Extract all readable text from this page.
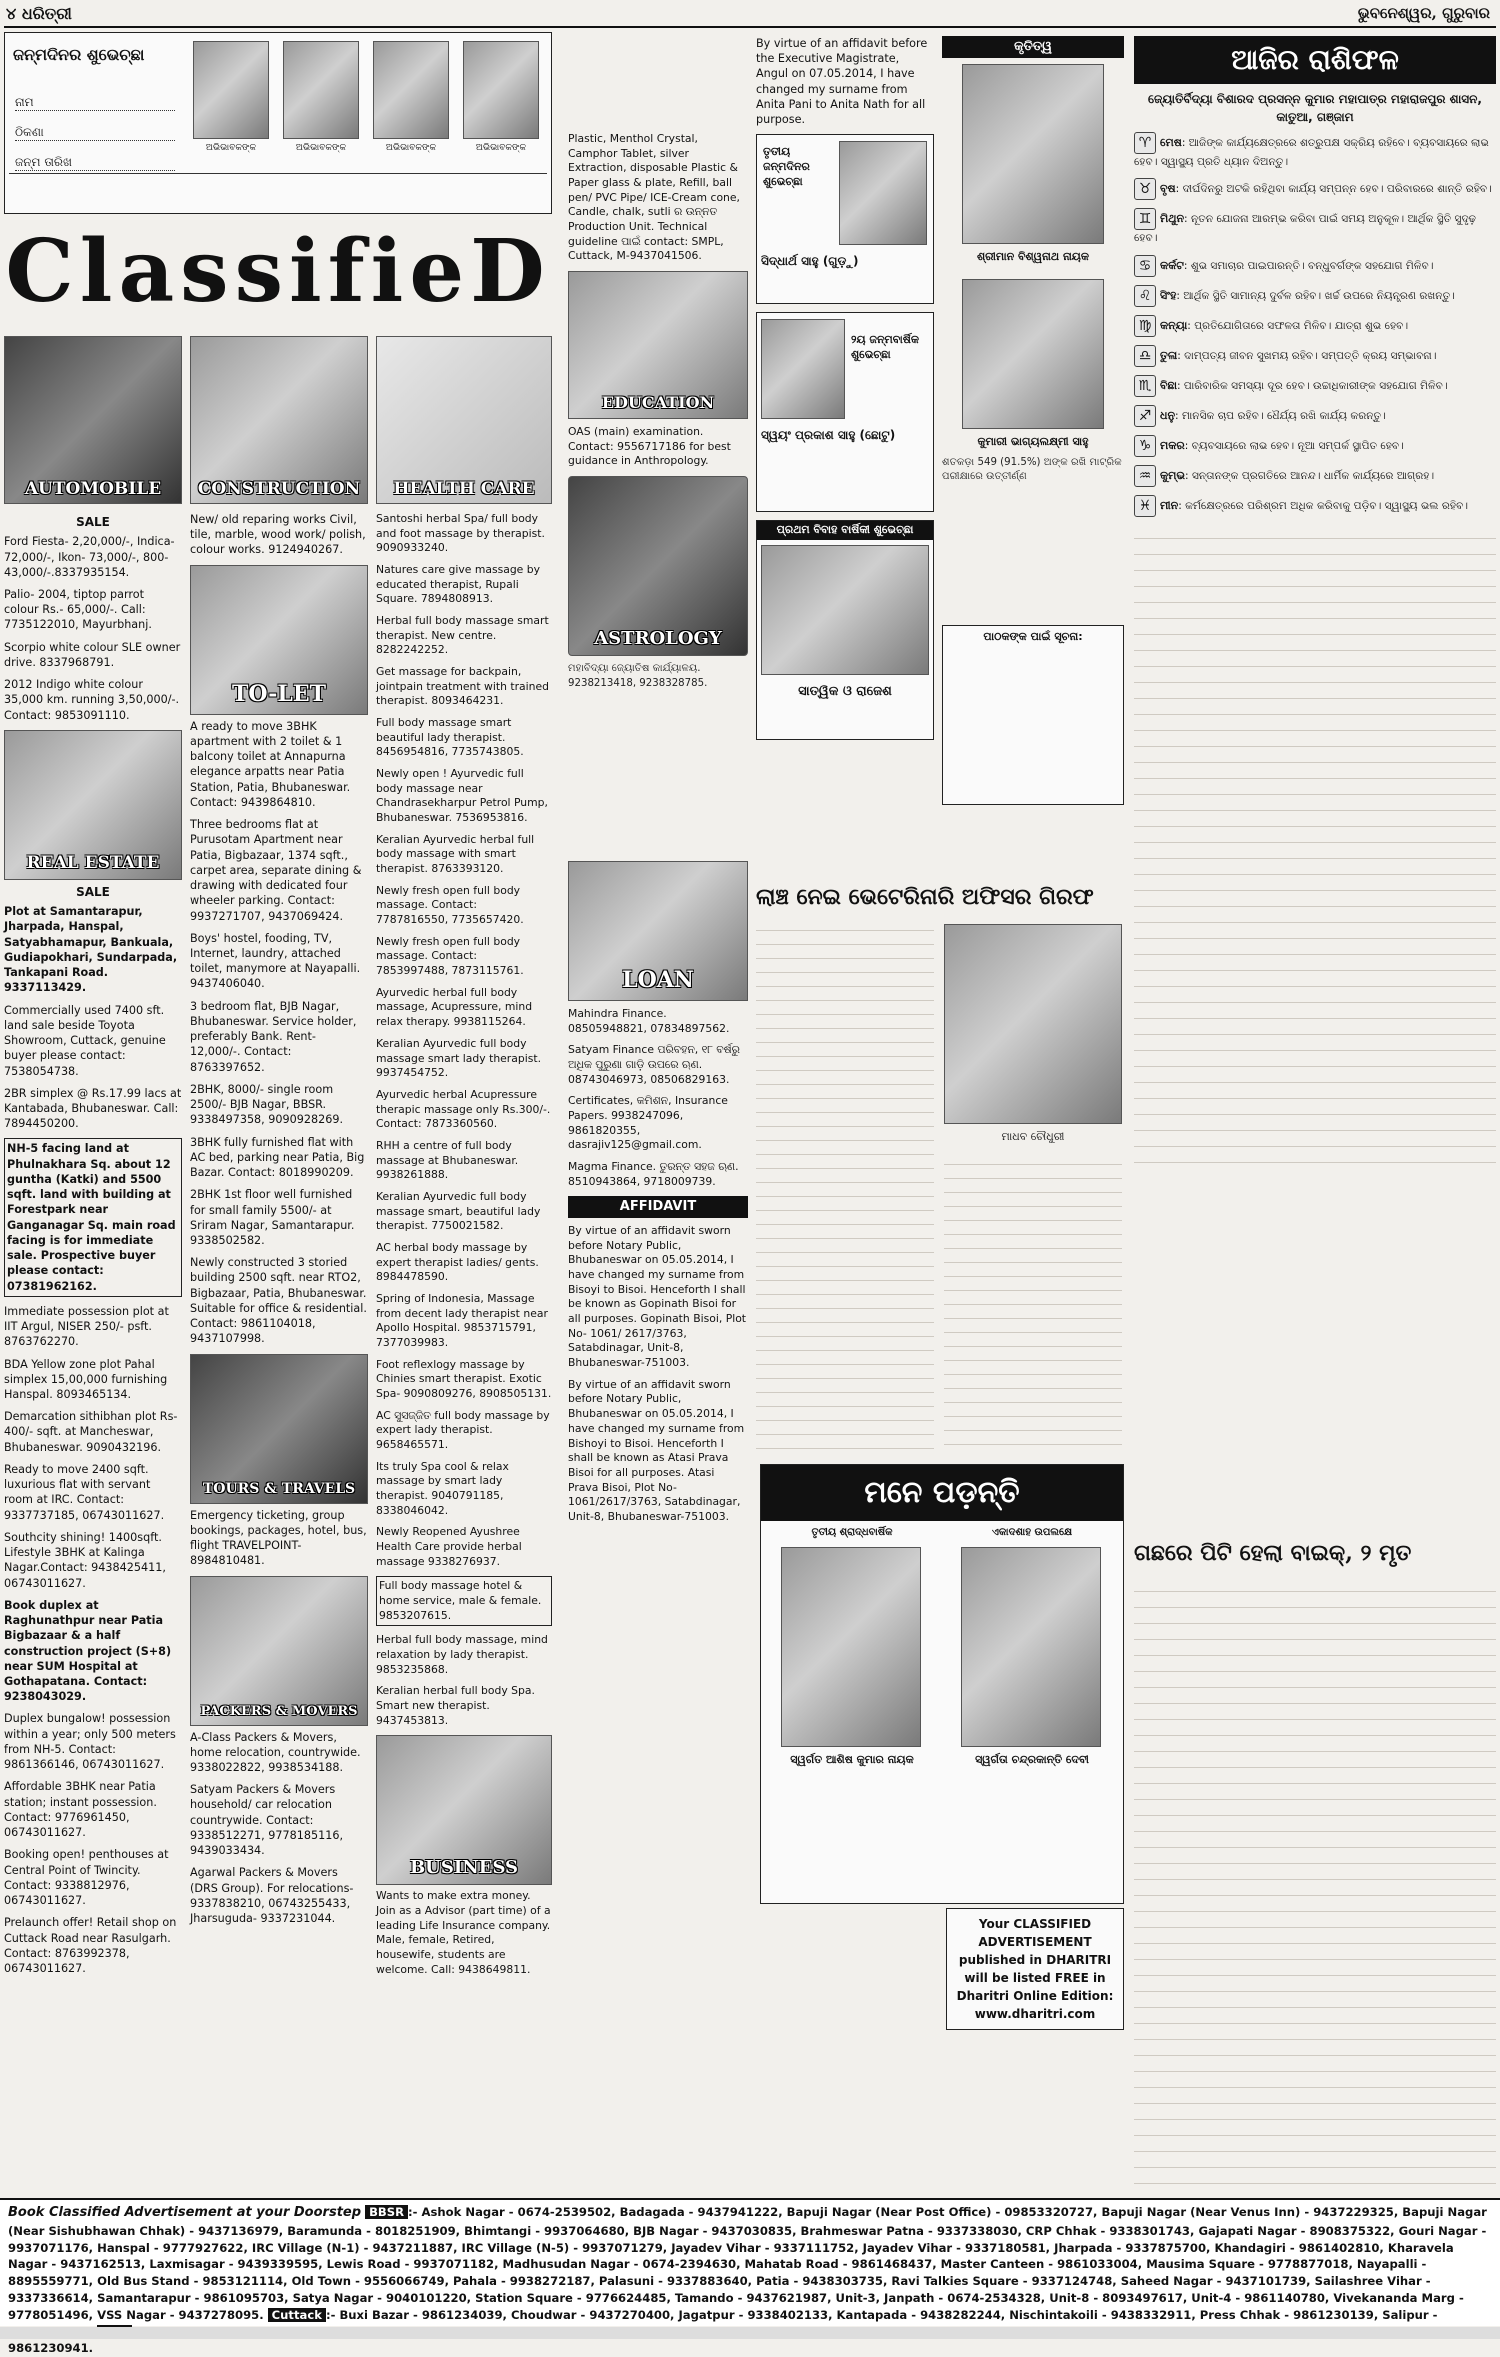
୪ ଧରିତ୍ରୀ	ଭୁବନେଶ୍ୱର, ଗୁରୁବାର
ଜନ୍ମଦିନର ଶୁଭେଚ୍ଛା
ନାମ
ଠିକଣା
ଜନ୍ମ ତାରିଖ
ଅଭିଭାବକଙ୍କ	ଅଭିଭାବକଙ୍କ	ଅଭିଭାବକଙ୍କ	ଅଭିଭାବକଙ୍କ
ClassifieD
AUTOMOBILE	CONSTRUCTION	HEALTH CARE
SALE
Ford Fiesta- 2,20,000/-, Indica-72,000/-, Ikon- 73,000/-, 800-43,000/-.8337935154.
Palio- 2004, tiptop parrot colour Rs.- 65,000/-. Call: 7735122010, Mayurbhanj.
Scorpio white colour SLE owner drive. 8337968791.
2012 Indigo white colour 35,000 km. running 3,50,000/-. Contact: 9853091110.
REAL ESTATE
SALE
Plot at Samantarapur, Jharpada, Hanspal, Satyabhamapur, Bankuala, Gudiapokhari, Sundarpada, Tankapani Road. 9337113429.
Commercially used 7400 sft. land sale beside Toyota Showroom, Cuttack, genuine buyer please contact: 7538054738.
2BR simplex @ Rs.17.99 lacs at Kantabada, Bhubaneswar. Call: 7894450200.
NH-5 facing land at Phulnakhara Sq. about 12 guntha (Katki) and 5500 sqft. land with building at Forestpark near Ganganagar Sq. main road facing is for immediate sale. Prospective buyer please contact: 07381962162.
Immediate possession plot at IIT Argul, NISER 250/- psft. 8763762270.
BDA Yellow zone plot Pahal simplex 15,00,000 furnishing Hanspal. 8093465134.
Demarcation sithibhan plot Rs-400/- sqft. at Mancheswar, Bhubaneswar. 9090432196.
Ready to move 2400 sqft. luxurious flat with servant room at IRC. Contact: 9337737185, 06743011627.
Southcity shining! 1400sqft. Lifestyle 3BHK at Kalinga Nagar.Contact: 9438425411, 06743011627.
Book duplex at Raghunathpur near Patia Bigbazaar & a half construction project (S+8) near SUM Hospital at Gothapatana. Contact: 9238043029.
Duplex bungalow! possession within a year; only 500 meters from NH-5. Contact: 9861366146, 06743011627.
Affordable 3BHK near Patia station; instant possession. Contact: 9776961450, 06743011627.
Booking open! penthouses at Central Point of Twincity. Contact: 9338812976, 06743011627.
Prelaunch offer! Retail shop on Cuttack Road near Rasulgarh. Contact: 8763992378, 06743011627.
New/ old reparing works Civil, tile, marble, wood work/ polish, colour works. 9124940267.
TO-LET
A ready to move 3BHK apartment with 2 toilet & 1 balcony toilet at Annapurna elegance arpatts near Patia Station, Patia, Bhubaneswar. Contact: 9439864810.
Three bedrooms flat at Purusotam Apartment near Patia, Bigbazaar, 1374 sqft., carpet area, separate dining & drawing with dedicated four wheeler parking. Contact: 9937271707, 9437069424.
Boys' hostel, fooding, TV, Internet, laundry, attached toilet, manymore at Nayapalli. 9437406040.
3 bedroom flat, BJB Nagar, Bhubaneswar. Service holder, preferably Bank. Rent- 12,000/-. Contact: 8763397652.
2BHK, 8000/- single room 2500/- BJB Nagar, BBSR. 9338497358, 9090928269.
3BHK fully furnished flat with AC bed, parking near Patia, Big Bazar. Contact: 8018990209.
2BHK 1st floor well furnished for small family 5500/- at Sriram Nagar, Samantarapur. 9338502582.
Newly constructed 3 storied building 2500 sqft. near RTO2, Bigbazaar, Patia, Bhubaneswar. Suitable for office & residential. Contact: 9861104018, 9437107998.
TOURS & TRAVELS
Emergency ticketing, group bookings, packages, hotel, bus, flight TRAVELPOINT-8984810481.
PACKERS & MOVERS
A-Class Packers & Movers, home relocation, countrywide. 9338022822, 9938534188.
Satyam Packers & Movers household/ car relocation countrywide. Contact: 9338512271, 9778185116, 9439033434.
Agarwal Packers & Movers (DRS Group). For relocations-9337838210, 06743255433, Jharsuguda- 9337231044.
Santoshi herbal Spa/ full body and foot massage by therapist. 9090933240.
Natures care give massage by educated therapist, Rupali Square. 7894808913.
Herbal full body massage smart therapist. New centre. 8282242252.
Get massage for backpain, jointpain treatment with trained therapist. 8093464231.
Full body massage smart beautiful lady therapist. 8456954816, 7735743805.
Newly open ! Ayurvedic full body massage near Chandrasekharpur Petrol Pump, Bhubaneswar. 7536953816.
Keralian Ayurvedic herbal full body massage with smart therapist. 8763393120.
Newly fresh open full body massage. Contact: 7787816550, 7735657420.
Newly fresh open full body massage. Contact: 7853997488, 7873115761.
Ayurvedic herbal full body massage, Acupressure, mind relax therapy. 9938115264.
Keralian Ayurvedic full body massage smart lady therapist. 9937454752.
Ayurvedic herbal Acupressure therapic massage only Rs.300/-. Contact: 7873360560.
RHH a centre of full body massage at Bhubaneswar. 9938261888.
Keralian Ayurvedic full body massage smart, beautiful lady therapist. 7750021582.
AC herbal body massage by expert therapist ladies/ gents. 8984478590.
Spring of Indonesia, Massage from decent lady therapist near Apollo Hospital. 9853715791, 7377039983.
Foot reflexlogy massage by Chinies smart therapist. Exotic Spa- 9090809276, 8908505131.
AC ସୁସଜ୍ଜିତ full body massage by expert lady therapist. 9658465571.
Its truly Spa cool & relax massage by smart lady therapist. 9040791185, 8338046042.
Newly Reopened Ayushree Health Care provide herbal massage 9338276937.
Full body massage hotel & home service, male & female. 9853207615.
Herbal full body massage, mind relaxation by lady therapist. 9853235868.
Keralian herbal full body Spa. Smart new therapist. 9437453813.
BUSINESS
Wants to make extra money. Join as a Advisor (part time) of a leading Life Insurance company. Male, female, Retired, housewife, students are welcome. Call: 9438649811.
Plastic, Menthol Crystal, Camphor Tablet, silver Extraction, disposable Plastic & Paper glass & plate, Refill, ball pen/ PVC Pipe/ ICE-Cream cone, Candle, chalk, sutli ର ଉନ୍ନତ Production Unit. Technical guideline ପାଇଁ contact: SMPL, Cuttack, M-9437041506.
EDUCATION
OAS (main) examination. Contact: 9556717186 for best guidance in Anthropology.
ASTROLOGY
ମହାବିଦ୍ୟା ଜ୍ୟୋତିଷ କାର୍ଯ୍ୟାଳୟ. 9238213418, 9238328785.
LOAN
Mahindra Finance. 08505948821, 07834897562.
Satyam Finance ପରିବହନ, ୧୮ ବର୍ଷରୁ ଅଧିକ ପୁରୁଣା ଗାଡ଼ି ଉପରେ ଋଣ. 08743046973, 08506829163.
Certificates, କମିଶନ, Insurance Papers. 9938247096, 9861820355, dasrajiv125@gmail.com.
Magma Finance. ତୁରନ୍ତ ସହଜ ଋଣ. 8510943864, 9718009739.
AFFIDAVIT
By virtue of an affidavit sworn before Notary Public, Bhubaneswar on 05.05.2014, I have changed my surname from Bisoyi to Bisoi. Henceforth I shall be known as Gopinath Bisoi for all purposes. Gopinath Bisoi, Plot No- 1061/ 2617/3763, Satabdinagar, Unit-8, Bhubaneswar-751003.
By virtue of an affidavit sworn before Notary Public, Bhubaneswar on 05.05.2014, I have changed my surname from Bishoyi to Bisoi. Henceforth I shall be known as Atasi Prava Bisoi for all purposes. Atasi Prava Bisoi, Plot No- 1061/2617/3763, Satabdinagar, Unit-8, Bhubaneswar-751003.
By virtue of an affidavit before the Executive Magistrate, Angul on 07.05.2014, I have changed my surname from Anita Pani to Anita Nath for all purpose.
ତୃତୀୟ ଜନ୍ମଦିନର ଶୁଭେଚ୍ଛା
ସିଦ୍ଧାର୍ଥ ସାହୁ (ଗୁଡ଼ୁ)
୨ୟ ଜନ୍ମବାର୍ଷିକ ଶୁଭେଚ୍ଛା
ସ୍ୱୟଂ ପ୍ରକାଶ ସାହୁ (ଛୋଟୁ)
ପ୍ରଥମ ବିବାହ ବାର୍ଷିକୀ ଶୁଭେଚ୍ଛା
ସାତ୍ୱିକ ଓ ରାଜେଶ
କୃତିତ୍ୱ
ଶ୍ରୀମାନ ବିଶ୍ୱନାଥ ନାୟକ
କୁମାରୀ ଭାଗ୍ୟଲକ୍ଷ୍ମୀ ସାହୁ
ଶତକଡ଼ା 549 (91.5%) ଅଙ୍କ ରଖି ମାଟ୍ରିକ ପରୀକ୍ଷାରେ ଉତ୍ତୀର୍ଣ୍ଣ
ପାଠକଙ୍କ ପାଇଁ ସୂଚନା:
ଲାଞ୍ଚ ନେଇ ଭେଟେରିନାରି ଅଫିସର ଗିରଫ
ମାଧବ ଚୌଧୁରୀ
ମନେ ପଡ଼ନ୍ତି
ତୃତୀୟ ଶ୍ରାଦ୍ଧବାର୍ଷିକ	ଏକାଦଶାହ ଉପଲକ୍ଷେ
ସ୍ୱର୍ଗତ ଆଶିଷ କୁମାର ନାୟକ	ସ୍ୱର୍ଗତା ଚନ୍ଦ୍ରକାନ୍ତି ଦେବୀ
Your CLASSIFIED ADVERTISEMENT published in DHARITRI will be listed FREE in Dharitri Online Edition: www.dharitri.com
ଆଜିର ରାଶିଫଳ
ଜ୍ୟୋତିର୍ବିଦ୍ୟା ବିଶାରଦ ପ୍ରସନ୍ନ କୁମାର ମହାପାତ୍ର ମହାରାଜପୁର ଶାସନ, କାତୁଆ, ଗଞ୍ଜାମ
♈ ମେଷ: ଆଜିଙ୍କ କାର୍ଯ୍ୟକ୍ଷେତ୍ରରେ ଶତ୍ରୁପକ୍ଷ ସକ୍ରିୟ ରହିବେ। ବ୍ୟବସାୟରେ ଲାଭ ହେବ। ସ୍ୱାସ୍ଥ୍ୟ ପ୍ରତି ଧ୍ୟାନ ଦିଅନ୍ତୁ।
♉ ବୃଷ: ଦୀର୍ଘଦିନରୁ ଅଟକି ରହିଥିବା କାର୍ଯ୍ୟ ସମ୍ପନ୍ନ ହେବ। ପରିବାରରେ ଶାନ୍ତି ରହିବ।
♊ ମିଥୁନ: ନୂତନ ଯୋଜନା ଆରମ୍ଭ କରିବା ପାଇଁ ସମୟ ଅନୁକୂଳ। ଆର୍ଥିକ ସ୍ଥିତି ସୁଦୃଢ଼ ହେବ।
♋ କର୍କଟ: ଶୁଭ ସମାଚାର ପାଇପାରନ୍ତି। ବନ୍ଧୁବର୍ଗଙ୍କ ସହଯୋଗ ମିଳିବ।
♌ ସିଂହ: ଆର୍ଥିକ ସ୍ଥିତି ସାମାନ୍ୟ ଦୁର୍ବଳ ରହିବ। ଖର୍ଚ୍ଚ ଉପରେ ନିୟନ୍ତ୍ରଣ ରଖନ୍ତୁ।
♍ କନ୍ୟା: ପ୍ରତିଯୋଗିତାରେ ସଫଳତା ମିଳିବ। ଯାତ୍ରା ଶୁଭ ହେବ।
♎ ତୁଳା: ଦାମ୍ପତ୍ୟ ଜୀବନ ସୁଖମୟ ରହିବ। ସମ୍ପତ୍ତି କ୍ରୟ ସମ୍ଭାବନା।
♏ ବିଛା: ପାରିବାରିକ ସମସ୍ୟା ଦୂର ହେବ। ଉଚ୍ଚାଧିକାରୀଙ୍କ ସହଯୋଗ ମିଳିବ।
♐ ଧନୁ: ମାନସିକ ଚାପ ରହିବ। ଧୈର୍ଯ୍ୟ ରଖି କାର୍ଯ୍ୟ କରନ୍ତୁ।
♑ ମକର: ବ୍ୟବସାୟରେ ଲାଭ ହେବ। ନୂଆ ସମ୍ପର୍କ ସ୍ଥାପିତ ହେବ।
♒ କୁମ୍ଭ: ସନ୍ତାନଙ୍କ ପ୍ରଗତିରେ ଆନନ୍ଦ। ଧାର୍ମିକ କାର୍ଯ୍ୟରେ ଆଗ୍ରହ।
♓ ମୀନ: କର୍ମକ୍ଷେତ୍ରରେ ପରିଶ୍ରମ ଅଧିକ କରିବାକୁ ପଡ଼ିବ। ସ୍ୱାସ୍ଥ୍ୟ ଭଲ ରହିବ।
ଗଛରେ ପିଟି ହେଲା ବାଇକ୍, ୨ ମୃତ
Book Classified Advertisement at your Doorstep BBSR :- Ashok Nagar - 0674-2539502, Badagada - 9437941222, Bapuji Nagar (Near Post Office) - 09853320727, Bapuji Nagar (Near Venus Inn) - 9437229325, Bapuji Nagar (Near Sishubhawan Chhak) - 9437136979, Baramunda - 8018251909, Bhimtangi - 9937064680, BJB Nagar - 9437030835, Brahmeswar Patna - 9337338030, CRP Chhak - 9338301743, Gajapati Nagar - 8908375322, Gouri Nagar - 9937071176, Hanspal - 9777927622, IRC Village (N-1) - 9437211887, IRC Village (N-5) - 9937071279, Jayadev Vihar - 9337111752, Jayadev Vihar - 9337180581, Jharpada - 9337875700, Khandagiri - 9861402810, Kharavela Nagar - 9437162513, Laxmisagar - 9439339595, Lewis Road - 9937071182, Madhusudan Nagar - 0674-2394630, Mahatab Road - 9861468437, Master Canteen - 9861033004, Mausima Square - 9778877018, Nayapalli - 8895559771, Old Bus Stand - 9853121114, Old Town - 9556066749, Pahala - 9938272187, Palasuni - 9337883640, Patia - 9438303735, Ravi Talkies Square - 9337124748, Saheed Nagar - 9437101739, Sailashree Vihar - 9337336614, Samantarapur - 9861095703, Satya Nagar - 9040101220, Station Square - 9776624485, Tamando - 9437621987, Unit-3, Janpath - 0674-2534328, Unit-8 - 8093497617, Unit-4 - 9861140780, Vivekananda Marg - 9778051496, VSS Nagar - 9437278095. Cuttack :- Buxi Bazar - 9861234039, Choudwar - 9437270400, Jagatpur - 9338402133, Kantapada - 9438282244, Nischintakoili - 9438332911, Press Chhak - 9861230139, Salipur - 9861230941.
